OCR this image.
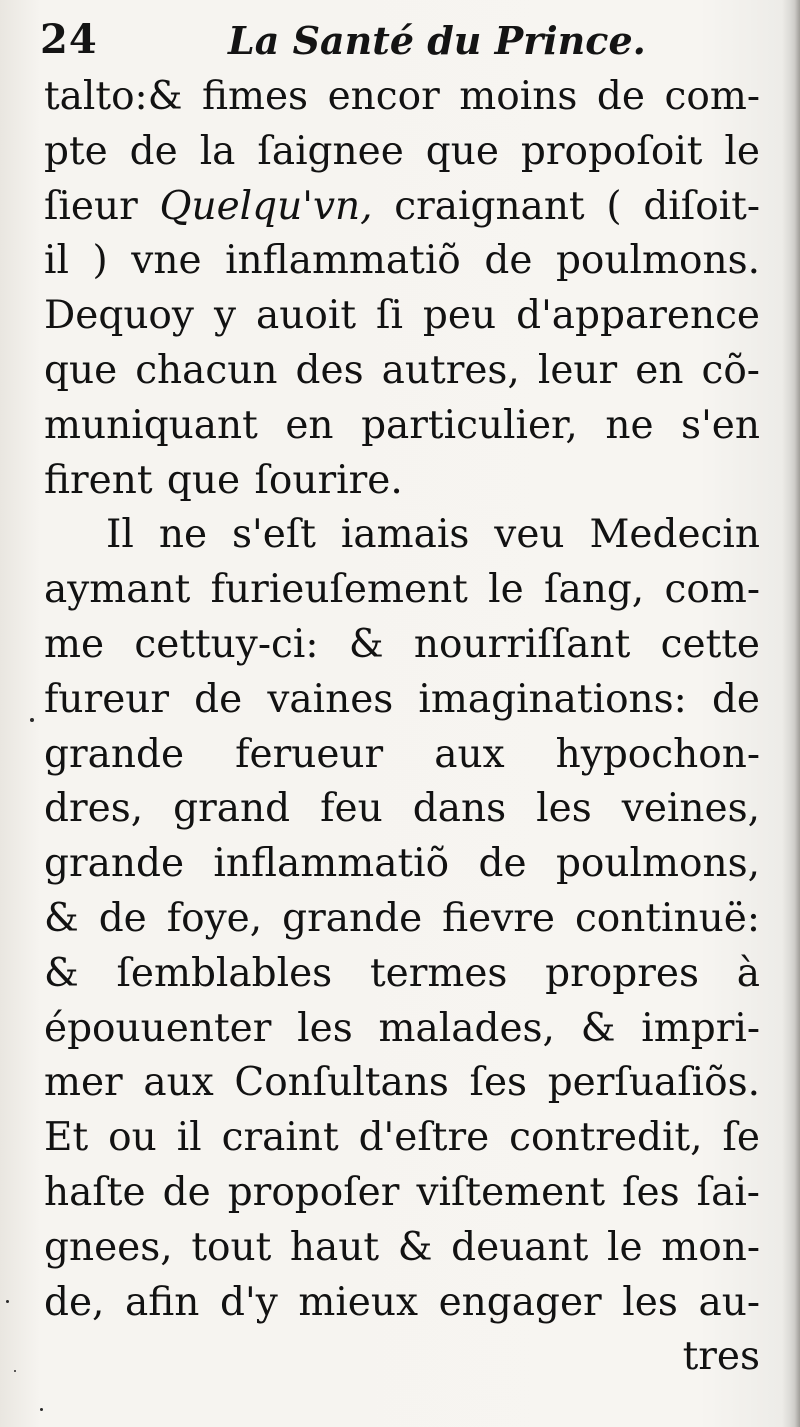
24	La Santé du Prince.
talto:& fimes encor moins de com-
pte de la ſaignee que propoſoit le
ſieur Quelqu'vn, craignant ( diſoit-
il ) vne inflammatiõ de poulmons.
Dequoy y auoit ſi peu d'apparence
que chacun des autres, leur en cõ-
muniquant en particulier, ne s'en
firent que ſourire.
Il ne s'eſt iamais veu Medecin
aymant furieuſement le ſang, com-
me cettuy-ci: & nourriſſant cette
fureur de vaines imaginations: de
grande ferueur aux hypochon-
dres, grand feu dans les veines,
grande inflammatiõ de poulmons,
& de foye, grande fievre continuë:
& ſemblables termes propres à
épouuenter les malades, & impri-
mer aux Conſultans ſes perſuaſiõs.
Et ou il craint d'eſtre contredit, ſe
haſte de propoſer viſtement ſes ſai-
gnees, tout haut & deuant le mon-
de, afin d'y mieux engager les au-
tres
